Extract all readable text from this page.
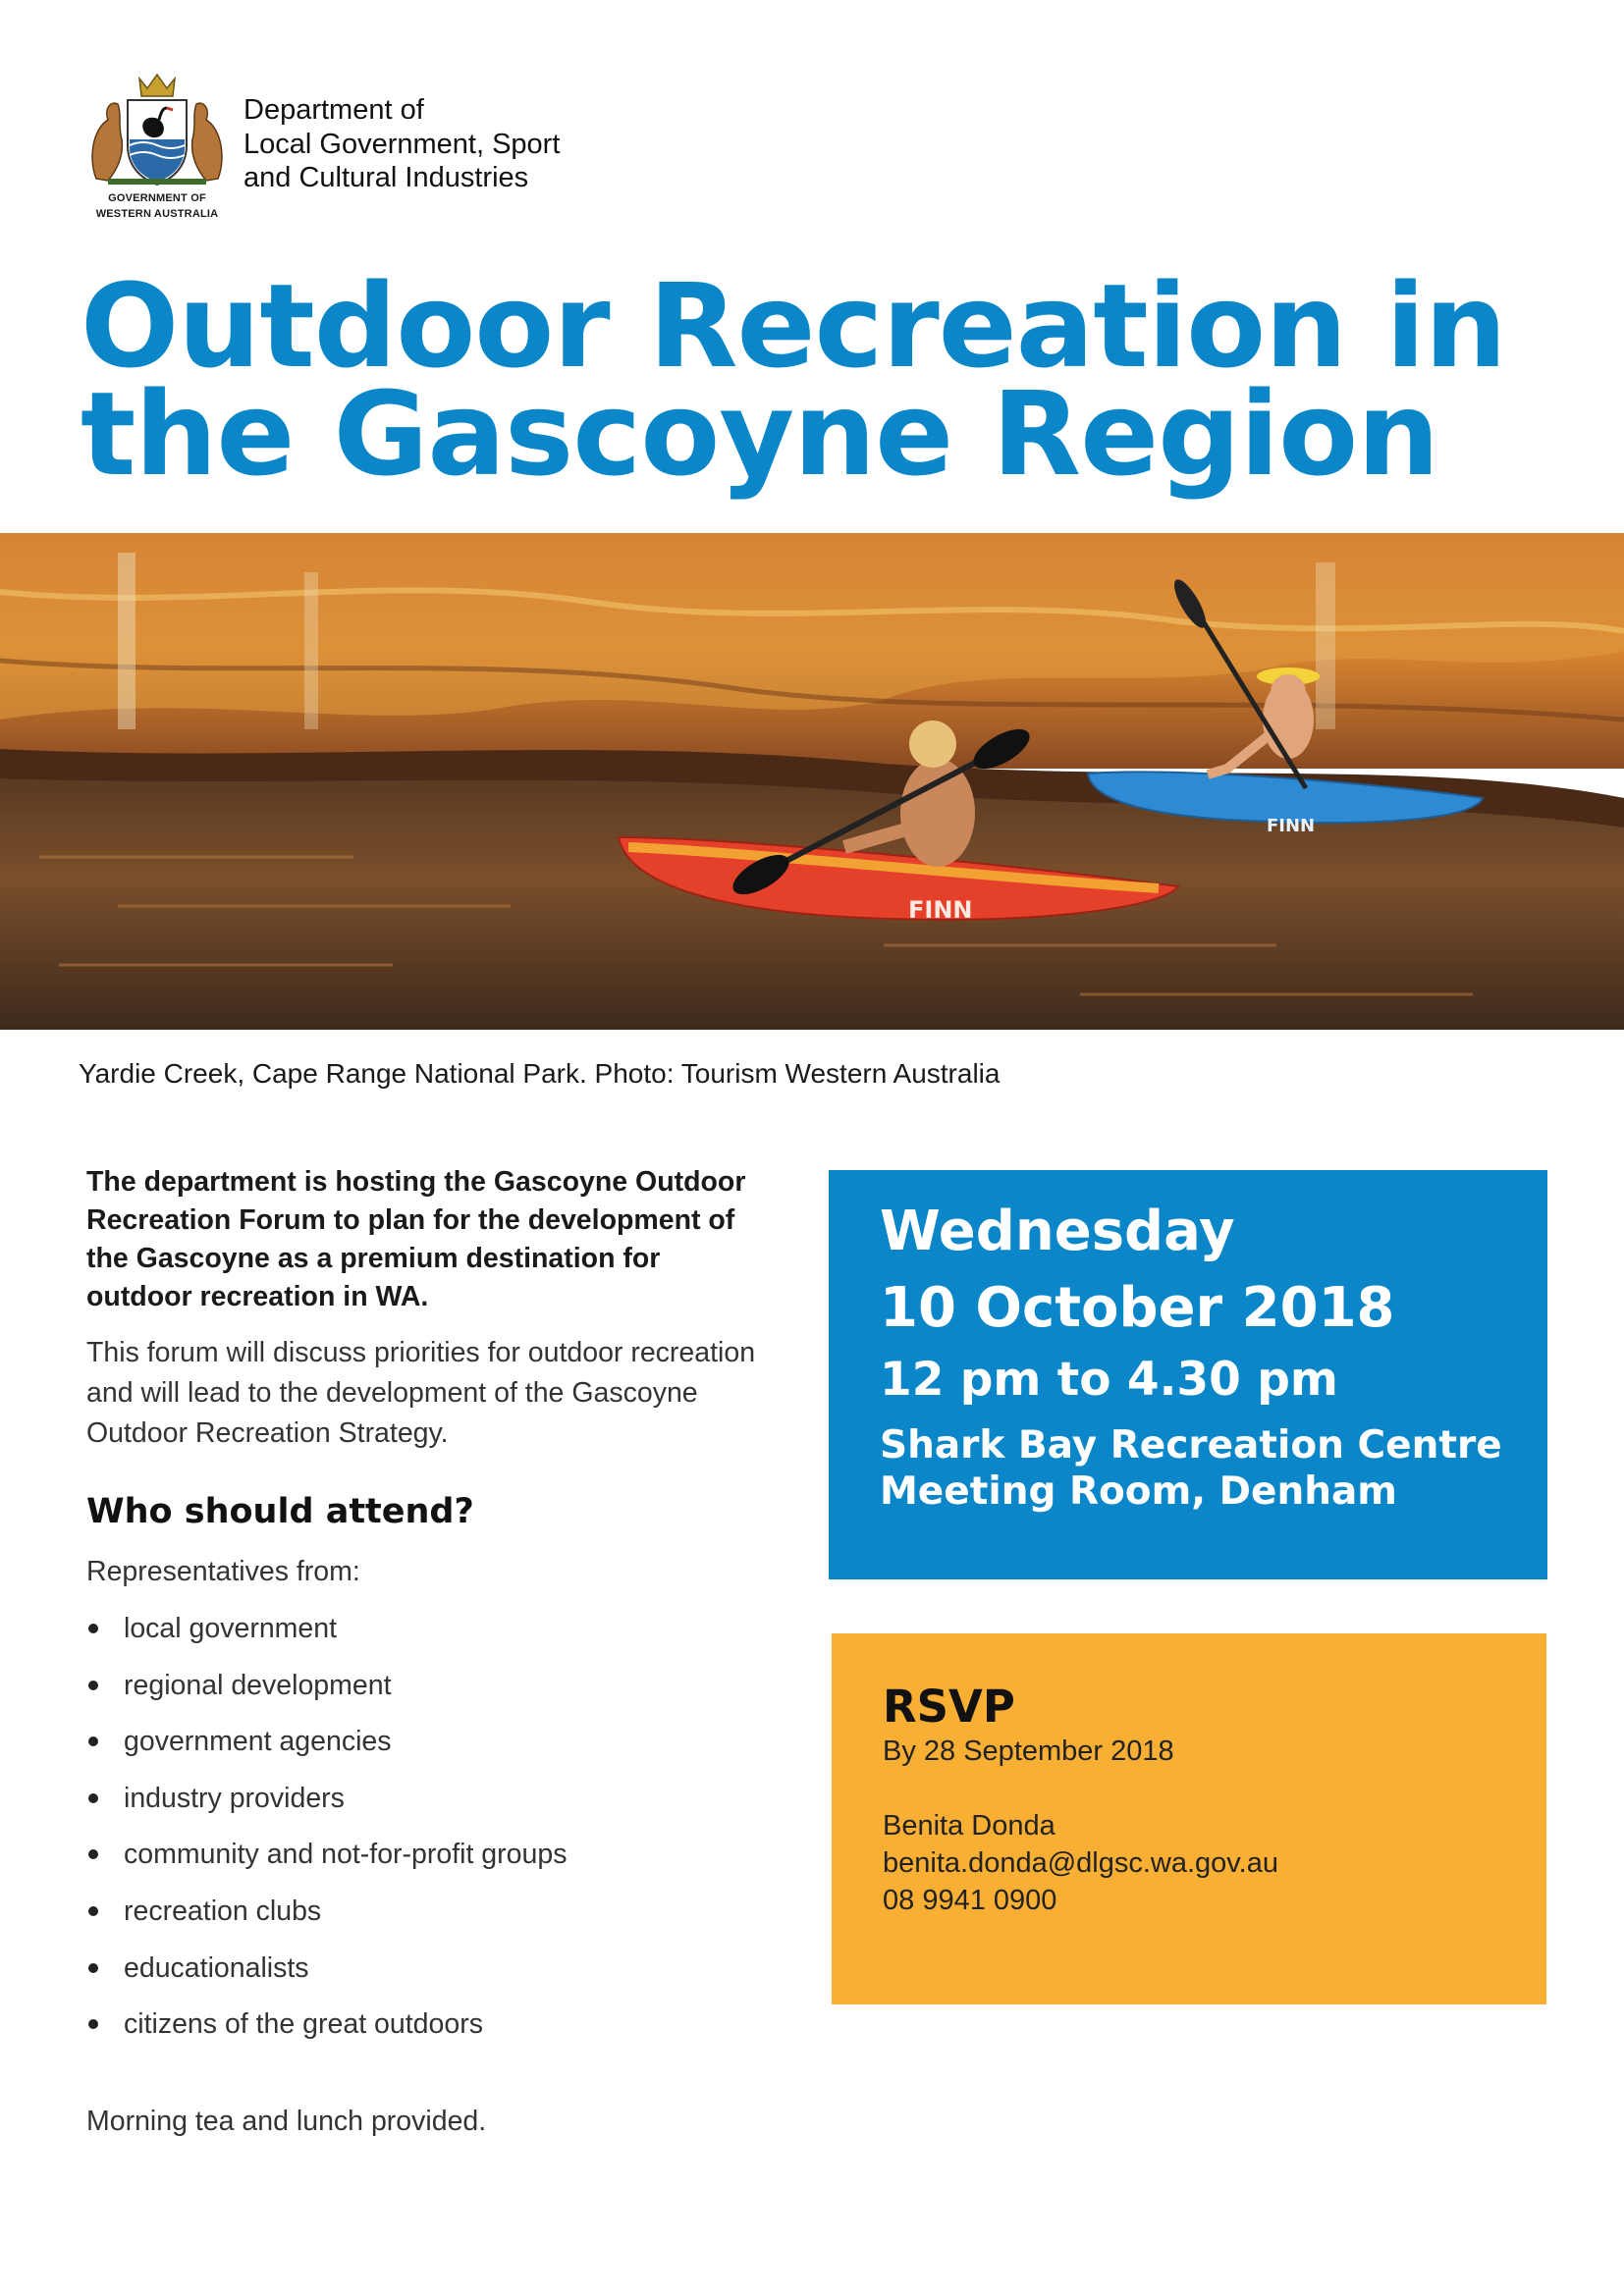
GOVERNMENT OF
WESTERN AUSTRALIA
Department of
Local Government, Sport
and Cultural Industries
Outdoor Recreation in
the Gascoyne Region
FINN
FINN
Yardie Creek, Cape Range National Park. Photo: Tourism Western Australia
The department is hosting the Gascoyne Outdoor Recreation Forum to plan for the development of the Gascoyne as a premium destination for outdoor recreation in WA.
This forum will discuss priorities for outdoor recreation and will lead to the development of the Gascoyne Outdoor Recreation Strategy.
Who should attend?
Representatives from:
local government
regional development
government agencies
industry providers
community and not-for-profit groups
recreation clubs
educationalists
citizens of the great outdoors
Morning tea and lunch provided.
Wednesday
10 October 2018
12 pm to 4.30 pm
Shark Bay Recreation Centre
Meeting Room, Denham
RSVP
By 28 September 2018
Benita Donda
benita.donda@dlgsc.wa.gov.au
08 9941 0900
